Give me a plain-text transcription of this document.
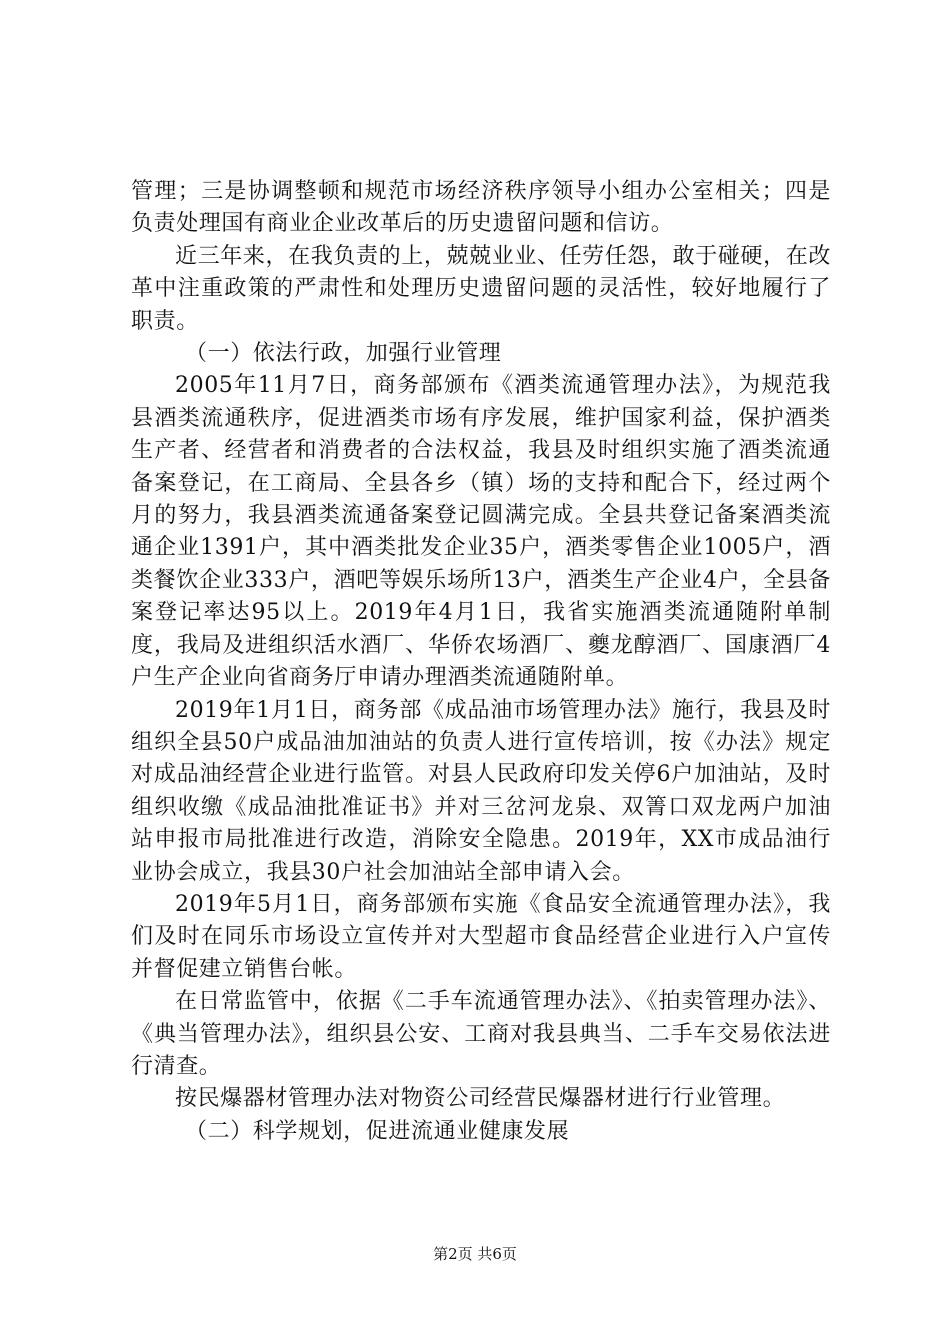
管理；三是协调整顿和规范市场经济秩序领导小组办公室相关；四是负责处理国有商业企业改革后的历史遗留问题和信访。

近三年来，在我负责的上，兢兢业业、任劳任怨，敢于碰硬，在改革中注重政策的严肃性和处理历史遗留问题的灵活性，较好地履行了职责。

（一）依法行政，加强行业管理

2005年11月7日，商务部颁布《酒类流通管理办法》，为规范我县酒类流通秩序，促进酒类市场有序发展，维护国家利益，保护酒类生产者、经营者和消费者的合法权益，我县及时组织实施了酒类流通备案登记，在工商局、全县各乡（镇）场的支持和配合下，经过两个月的努力，我县酒类流通备案登记圆满完成。全县共登记备案酒类流通企业1391户，其中酒类批发企业35户，酒类零售企业1005户，酒类餐饮企业333户，酒吧等娱乐场所13户，酒类生产企业4户，全县备案登记率达95以上。2019年4月1日，我省实施酒类流通随附单制度，我局及进组织活水酒厂、华侨农场酒厂、夔龙醇酒厂、国康酒厂4户生产企业向省商务厅申请办理酒类流通随附单。

2019年1月1日，商务部《成品油市场管理办法》施行，我县及时组织全县50户成品油加油站的负责人进行宣传培训，按《办法》规定对成品油经营企业进行监管。对县人民政府印发关停6户加油站，及时组织收缴《成品油批准证书》并对三岔河龙泉、双箐口双龙两户加油站申报市局批准进行改造，消除安全隐患。2019年，XX市成品油行业协会成立，我县30户社会加油站全部申请入会。

2019年5月1日，商务部颁布实施《食品安全流通管理办法》，我们及时在同乐市场设立宣传并对大型超市食品经营企业进行入户宣传并督促建立销售台帐。

在日常监管中，依据《二手车流通管理办法》、《拍卖管理办法》、《典当管理办法》，组织县公安、工商对我县典当、二手车交易依法进行清查。

按民爆器材管理办法对物资公司经营民爆器材进行行业管理。

（二）科学规划，促进流通业健康发展

第2页 共6页
